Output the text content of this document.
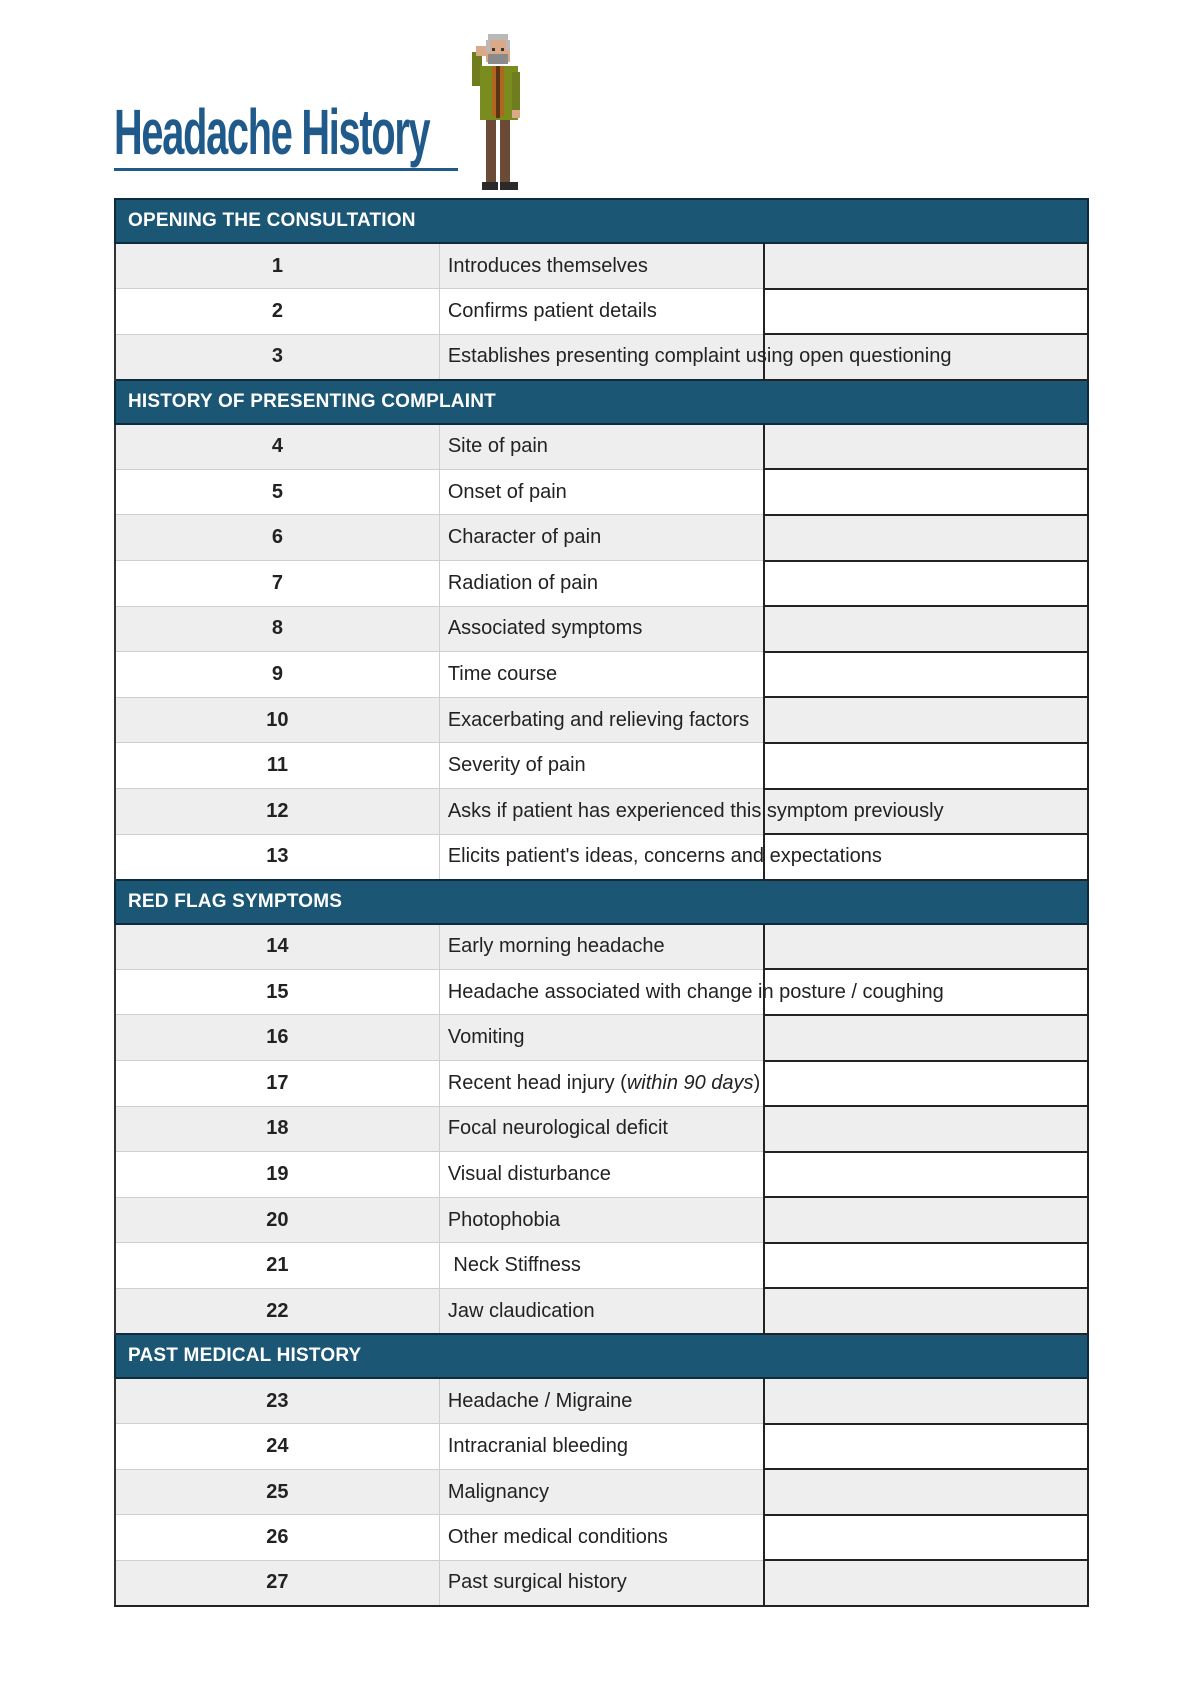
Headache History
OPENING THE CONSULTATION		
1	Introduces themselves	
2	Confirms patient details	
3	Establishes presenting complaint using open questioning	
HISTORY OF PRESENTING COMPLAINT		
4	Site of pain	
5	Onset of pain	
6	Character of pain	
7	Radiation of pain	
8	Associated symptoms	
9	Time course	
10	Exacerbating and relieving factors	
11	Severity of pain	
12	Asks if patient has experienced this symptom previously	
13	Elicits patient's ideas, concerns and expectations	
RED FLAG SYMPTOMS		
14	Early morning headache	
15	Headache associated with change in posture / coughing	
16	Vomiting	
17	Recent head injury (within 90 days)	
18	Focal neurological deficit	
19	Visual disturbance	
20	Photophobia	
21	Neck Stiffness	
22	Jaw claudication	
PAST MEDICAL HISTORY		
23	Headache / Migraine	
24	Intracranial bleeding	
25	Malignancy	
26	Other medical conditions	
27	Past surgical history	
